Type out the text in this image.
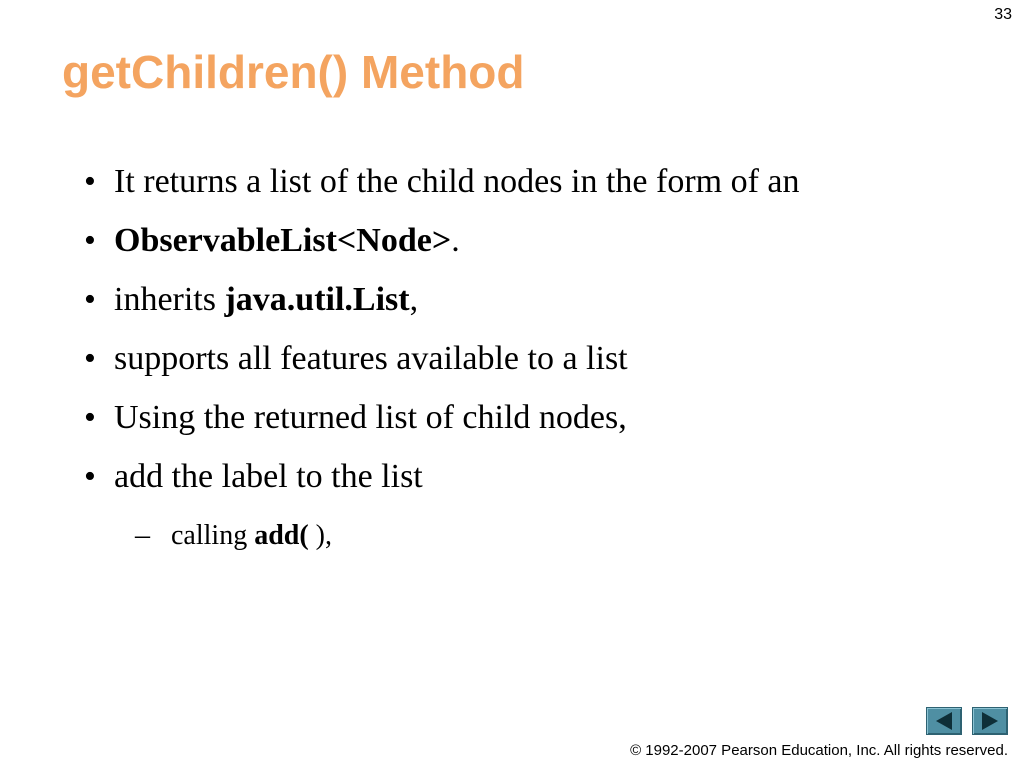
33
getChildren() Method
• It returns a list of the child nodes in the form of an
• ObservableList<Node>.
• inherits java.util.List,
• supports all features available to a list
• Using the returned list of child nodes,
• add the label to the list
– calling add( ),
© 1992-2007 Pearson Education, Inc. All rights reserved.
